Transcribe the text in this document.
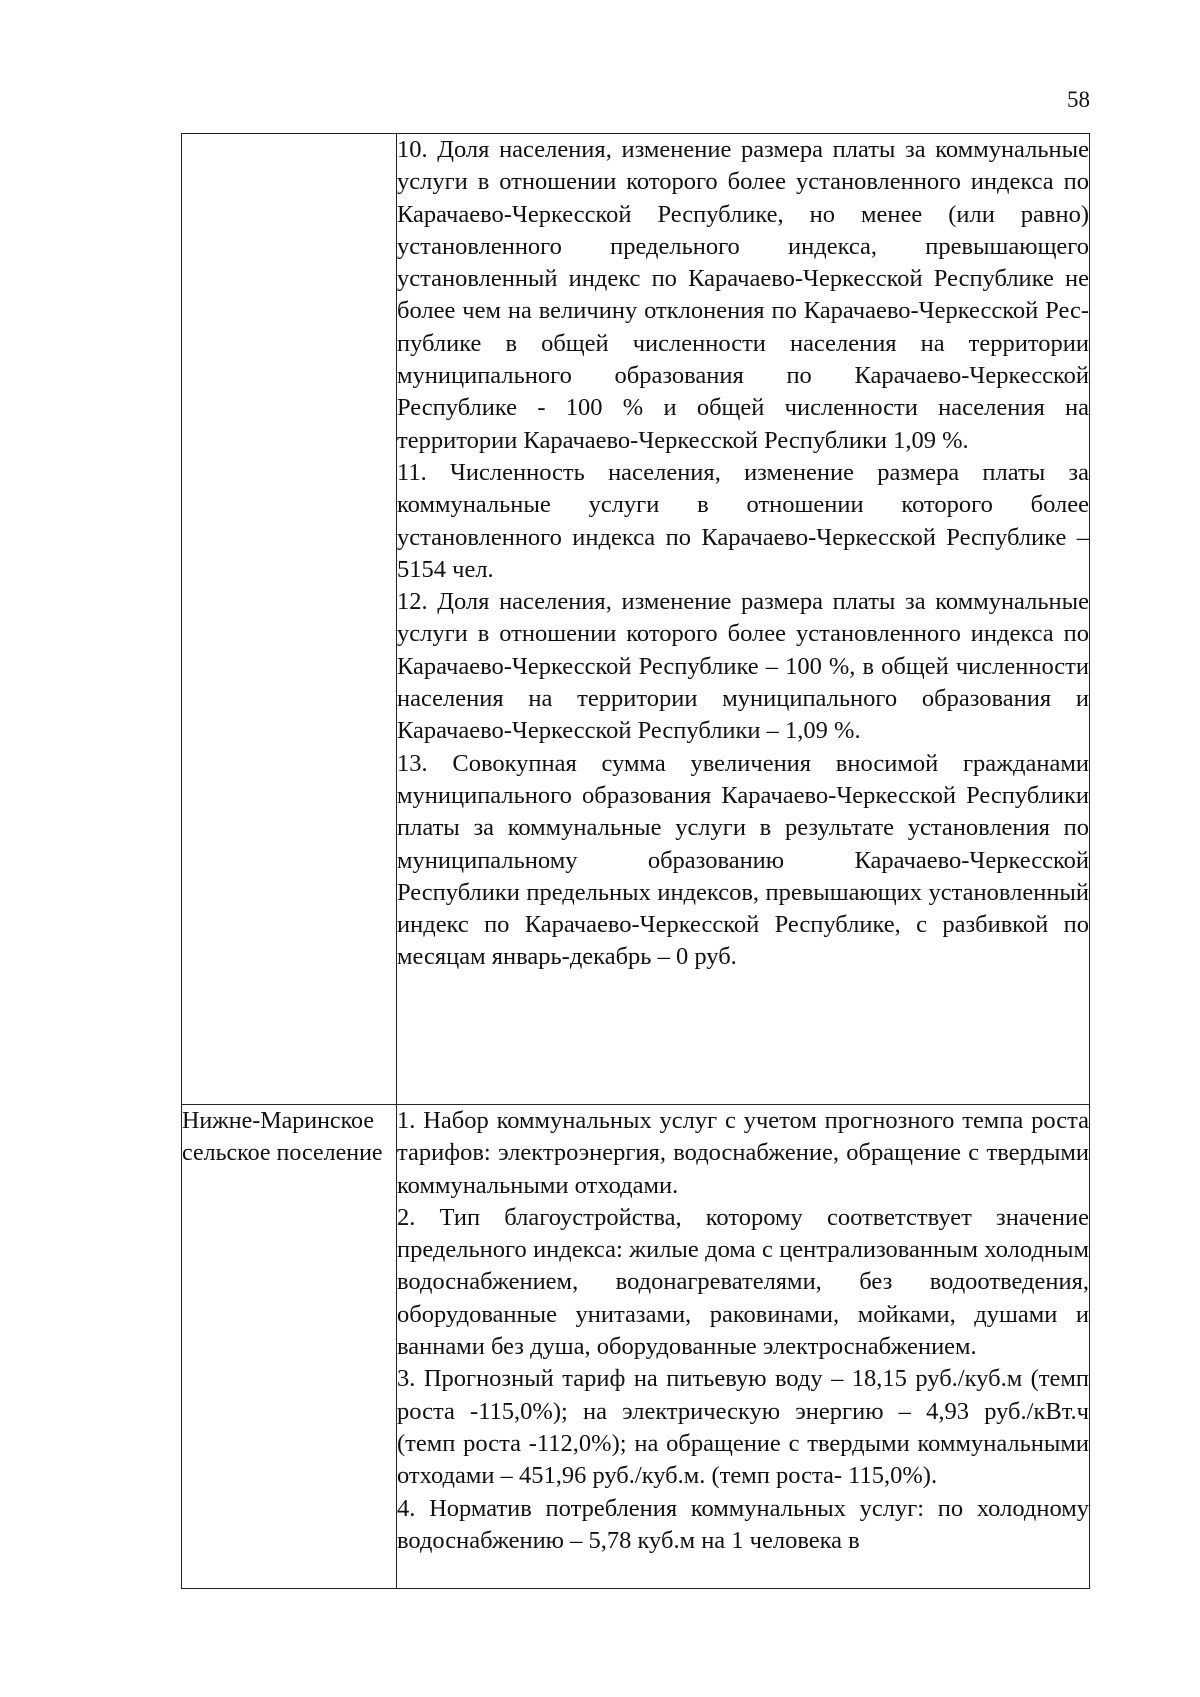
58

	10. Доля населения, изменение размера платы за коммунальные услуги в отношении которого более установленного индекса по Карачаево-Черкесской Республике, но менее (или равно) установленного предельного индекса, превышающего установленный индекс по Карачаево-Черкесской Республике не более чем на величину отклонения по Карачаево-Черкесской Республике в общей численности населения на территории муниципального образования по Карачаево-Черкесской Республике - 100 % и общей численности населения на территории Карачаево-Черкесской Республики 1,09 %.

11. Численность населения, изменение размера платы за коммунальные услуги в отношении которого более установленного индекса по Карачаево-Черкесской Республике – 5154 чел.

12. Доля населения, изменение размера платы за коммунальные услуги в отношении которого более установленного индекса по Карачаево-Черкесской Республике – 100 %, в общей численности населения на территории муниципального образования и Карачаево-Черкесской Республики – 1,09 %.

13. Совокупная сумма увеличения вносимой гражданами муниципального образования Карачаево-Черкесской Республики платы за коммунальные услуги в результате установления по муниципальному образованию Карачаево-Черкесской Республики предельных индексов, превышающих установленный индекс по Карачаево-Черкесской Республике, с разбивкой по месяцам январь-декабрь – 0 руб.

Нижне-Маринское сельское поселение	1. Набор коммунальных услуг с учетом прогнозного темпа роста тарифов: электроэнергия, водоснабжение, обращение с твердыми коммунальными отходами.

2. Тип благоустройства, которому соответствует значение предельного индекса: жилые дома с централизованным холодным водоснабжением, водонагревателями, без водоотведения, оборудованные унитазами, раковинами, мойками, душами и ваннами без душа, оборудованные электроснабжением.

3. Прогнозный тариф на питьевую воду – 18,15 руб./куб.м (темп роста -115,0%); на электрическую энергию – 4,93 руб./кВт.ч (темп роста -112,0%); на обращение с твердыми коммунальными отходами – 451,96 руб./куб.м. (темп роста- 115,0%).

4. Норматив потребления коммунальных услуг: по холодному водоснабжению – 5,78 куб.м на 1 человека в
